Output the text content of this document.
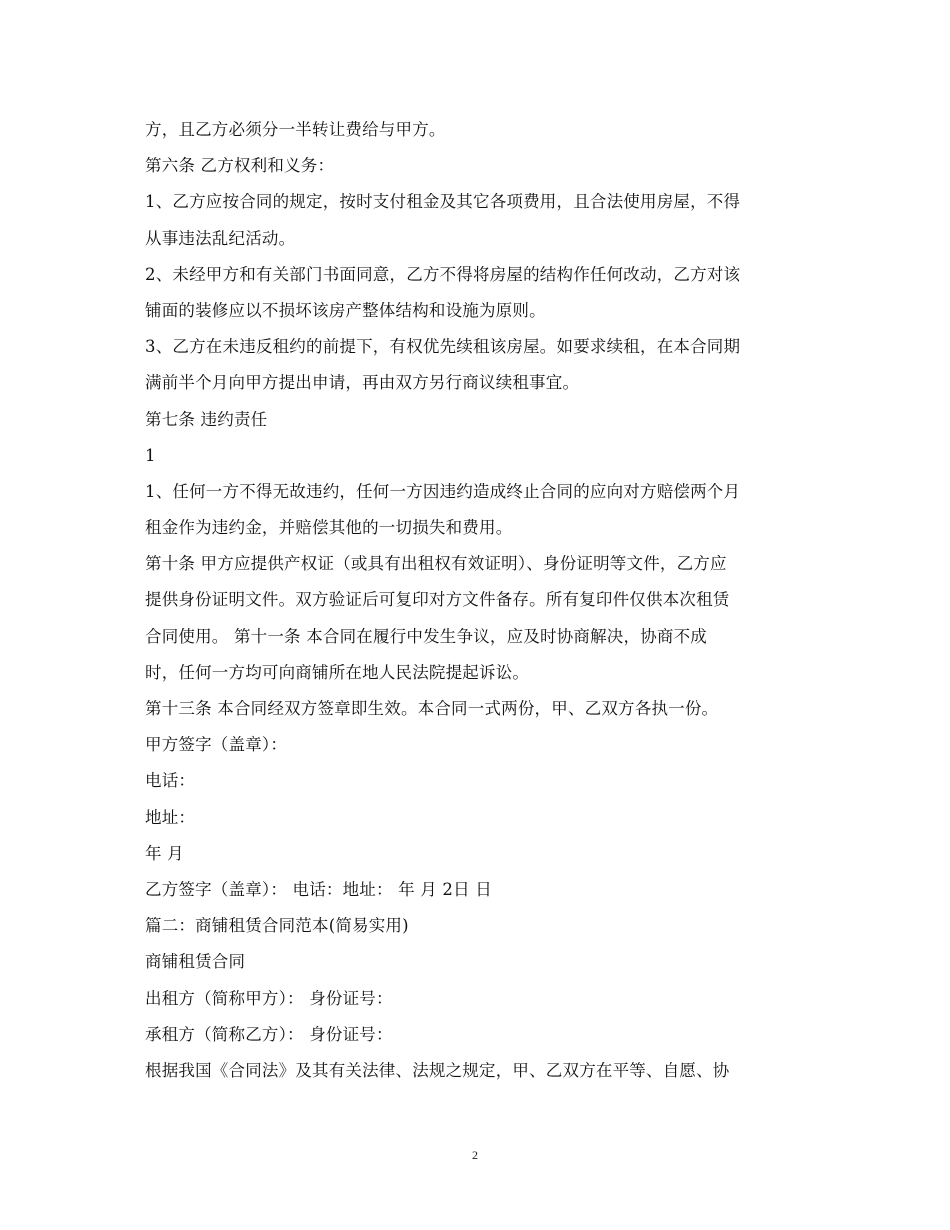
方，且乙方必须分一半转让费给与甲方。
第六条 乙方权利和义务：
1、乙方应按合同的规定，按时支付租金及其它各项费用，且合法使用房屋，不得
从事违法乱纪活动。
2、未经甲方和有关部门书面同意，乙方不得将房屋的结构作任何改动，乙方对该
铺面的装修应以不损坏该房产整体结构和设施为原则。
3、乙方在未违反租约的前提下，有权优先续租该房屋。如要求续租，在本合同期
满前半个月向甲方提出申请，再由双方另行商议续租事宜。
第七条 违约责任
1
1、任何一方不得无故违约，任何一方因违约造成终止合同的应向对方赔偿两个月
租金作为违约金，并赔偿其他的一切损失和费用。
第十条 甲方应提供产权证（或具有出租权有效证明）、身份证明等文件，乙方应
提供身份证明文件。双方验证后可复印对方文件备存。所有复印件仅供本次租赁
合同使用。 第十一条 本合同在履行中发生争议，应及时协商解决，协商不成
时，任何一方均可向商铺所在地人民法院提起诉讼。
第十三条 本合同经双方签章即生效。本合同一式两份，甲、乙双方各执一份。
甲方签字（盖章）：
电话：
地址：
年 月
乙方签字（盖章）： 电话：地址： 年 月 2日 日
篇二：商铺租赁合同范本(简易实用)
商铺租赁合同
出租方（简称甲方）： 身份证号：
承租方（简称乙方）： 身份证号：
根据我国《合同法》及其有关法律、法规之规定，甲、乙双方在平等、自愿、协
2
